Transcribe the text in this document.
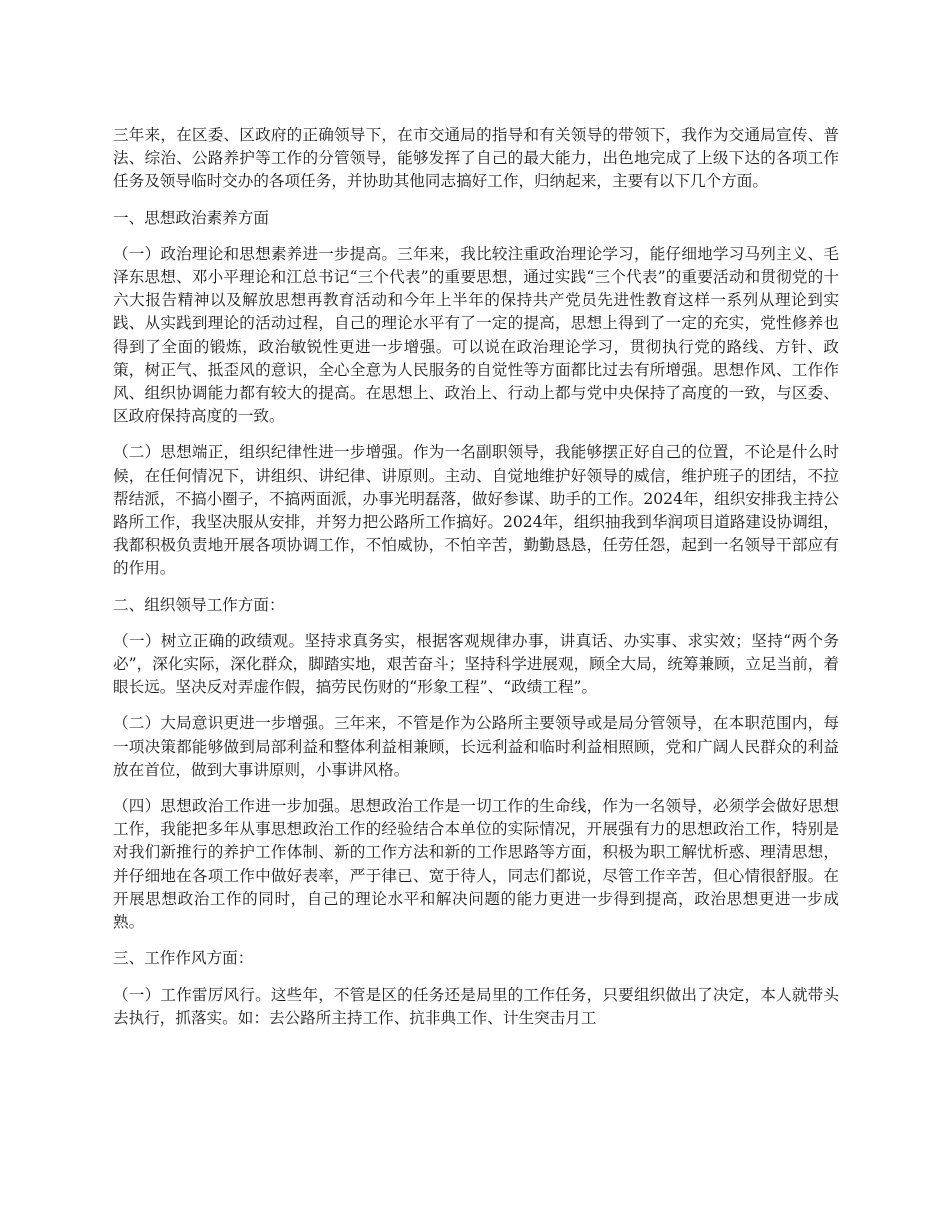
三年来，在区委、区政府的正确领导下，在市交通局的指导和有关领导的带领下，我作为交通局宣传、普法、综治、公路养护等工作的分管领导，能够发挥了自己的最大能力，出色地完成了上级下达的各项工作任务及领导临时交办的各项任务，并协助其他同志搞好工作，归纳起来，主要有以下几个方面。

一、思想政治素养方面

（一）政治理论和思想素养进一步提高。三年来，我比较注重政治理论学习，能仔细地学习马列主义、毛泽东思想、邓小平理论和江总书记“三个代表”的重要思想，通过实践“三个代表”的重要活动和贯彻党的十六大报告精神以及解放思想再教育活动和今年上半年的保持共产党员先进性教育这样一系列从理论到实践、从实践到理论的活动过程，自己的理论水平有了一定的提高，思想上得到了一定的充实，党性修养也得到了全面的锻炼，政治敏锐性更进一步增强。可以说在政治理论学习，贯彻执行党的路线、方针、政策，树正气、抵歪风的意识，全心全意为人民服务的自觉性等方面都比过去有所增强。思想作风、工作作风、组织协调能力都有较大的提高。在思想上、政治上、行动上都与党中央保持了高度的一致，与区委、区政府保持高度的一致。

（二）思想端正，组织纪律性进一步增强。作为一名副职领导，我能够摆正好自己的位置，不论是什么时候，在任何情况下，讲组织、讲纪律、讲原则。主动、自觉地维护好领导的威信，维护班子的团结，不拉帮结派，不搞小圈子，不搞两面派，办事光明磊落，做好参谋、助手的工作。2024年，组织安排我主持公路所工作，我坚决服从安排，并努力把公路所工作搞好。2024年，组织抽我到华润项目道路建设协调组，我都积极负责地开展各项协调工作，不怕威协，不怕辛苦，勤勤恳恳，任劳任怨，起到一名领导干部应有的作用。

二、组织领导工作方面：

（一）树立正确的政绩观。坚持求真务实，根据客观规律办事，讲真话、办实事、求实效；坚持“两个务必”，深化实际，深化群众，脚踏实地，艰苦奋斗；坚持科学进展观，顾全大局，统筹兼顾，立足当前，着眼长远。坚决反对弄虚作假，搞劳民伤财的“形象工程”、“政绩工程”。

（二）大局意识更进一步增强。三年来，不管是作为公路所主要领导或是局分管领导，在本职范围内，每一项决策都能够做到局部利益和整体利益相兼顾，长远利益和临时利益相照顾，党和广阔人民群众的利益放在首位，做到大事讲原则，小事讲风格。

（四）思想政治工作进一步加强。思想政治工作是一切工作的生命线，作为一名领导，必须学会做好思想工作，我能把多年从事思想政治工作的经验结合本单位的实际情况，开展强有力的思想政治工作，特别是对我们新推行的养护工作体制、新的工作方法和新的工作思路等方面，积极为职工解忧析惑、理清思想，并仔细地在各项工作中做好表率，严于律已、宽于待人，同志们都说，尽管工作辛苦，但心情很舒服。在开展思想政治工作的同时，自己的理论水平和解决问题的能力更进一步得到提高，政治思想更进一步成熟。

三、工作作风方面：

（一）工作雷厉风行。这些年，不管是区的任务还是局里的工作任务，只要组织做出了决定，本人就带头去执行，抓落实。如：去公路所主持工作、抗非典工作、计生突击月工
